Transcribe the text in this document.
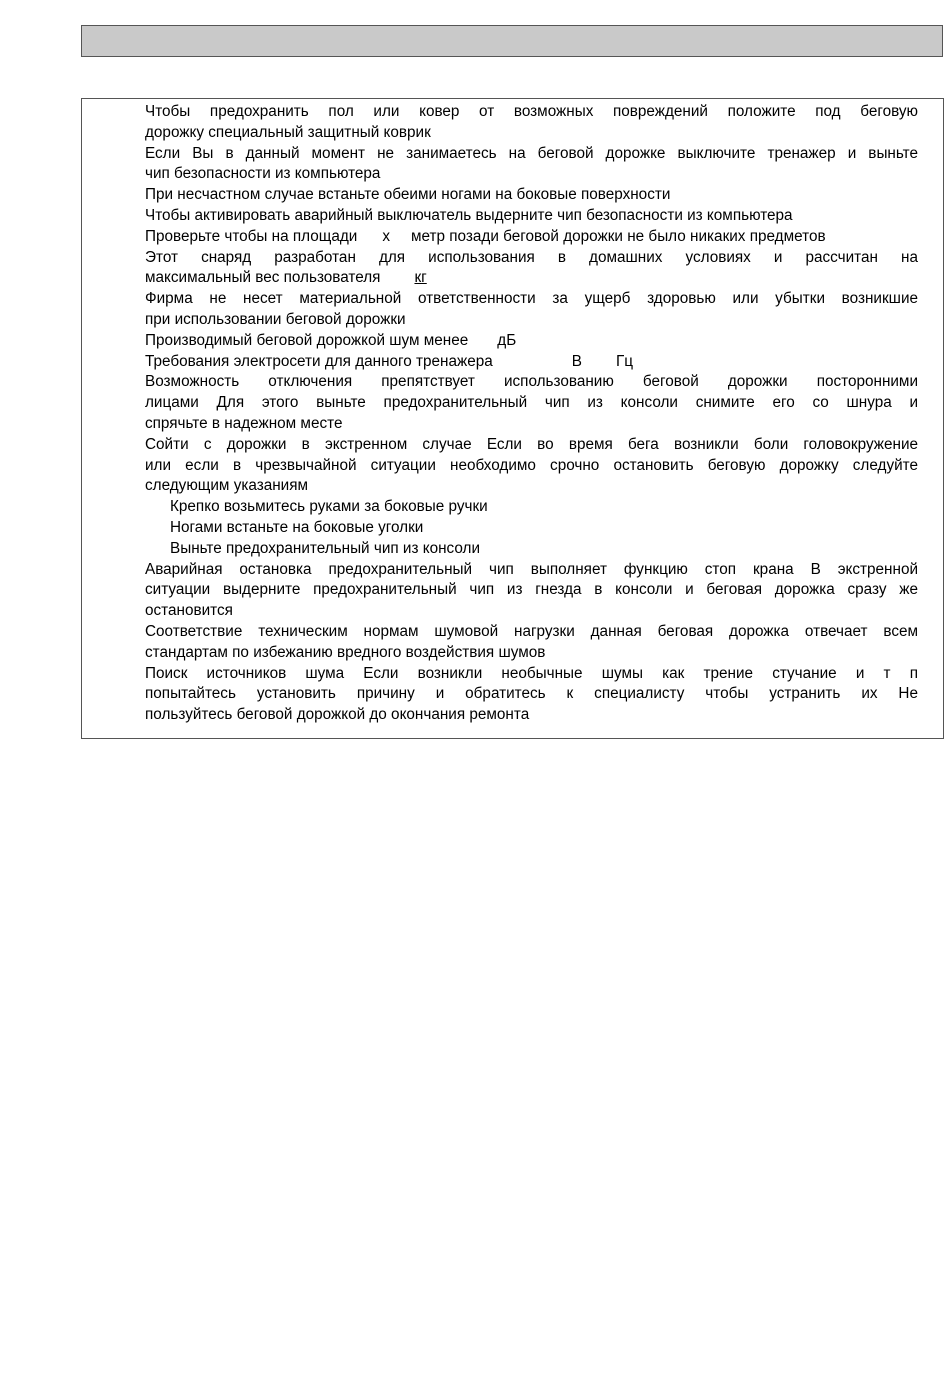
Чтобы предохранить пол или ковер от возможных повреждений положите под беговую
дорожку специальный защитный коврик

Если Вы в данный момент не занимаетесь на беговой дорожке выключите тренажер и выньте
чип безопасности из компьютера

При несчастном случае встаньте обеими ногами на боковые поверхности

Чтобы активировать аварийный выключатель выдерните чип безопасности из компьютера

Проверьте чтобы на площади х метр позади беговой дорожки не было никаких предметов

Этот снаряд разработан для использования в домашних условиях и рассчитан на
максимальный вес пользователя кг

Фирма не несет материальной ответственности за ущерб здоровью или убытки возникшие
при использовании беговой дорожки

Производимый беговой дорожкой шум менее дБ

Требования электросети для данного тренажера	В Гц

Возможность отключения препятствует использованию беговой дорожки посторонними
лицами Для этого выньте предохранительный чип из консоли снимите его со шнура и
спрячьте в надежном месте

Сойти с дорожки в экстренном случае Если во время бега возникли боли головокружение
или если в чрезвычайной ситуации необходимо срочно остановить беговую дорожку следуйте
следующим указаниям

Крепко возьмитесь руками за боковые ручки
Ногами встаньте на боковые уголки
Выньте предохранительный чип из консоли

Аварийная остановка предохранительный чип выполняет функцию стоп крана В экстренной
ситуации выдерните предохранительный чип из гнезда в консоли и беговая дорожка сразу же
остановится

Соответствие техническим нормам шумовой нагрузки данная беговая дорожка отвечает всем
стандартам по избежанию вредного воздействия шумов

Поиск источников шума Если возникли необычные шумы как трение стучание и т п
попытайтесь установить причину и обратитесь к специалисту чтобы устранить их Не
пользуйтесь беговой дорожкой до окончания ремонта
